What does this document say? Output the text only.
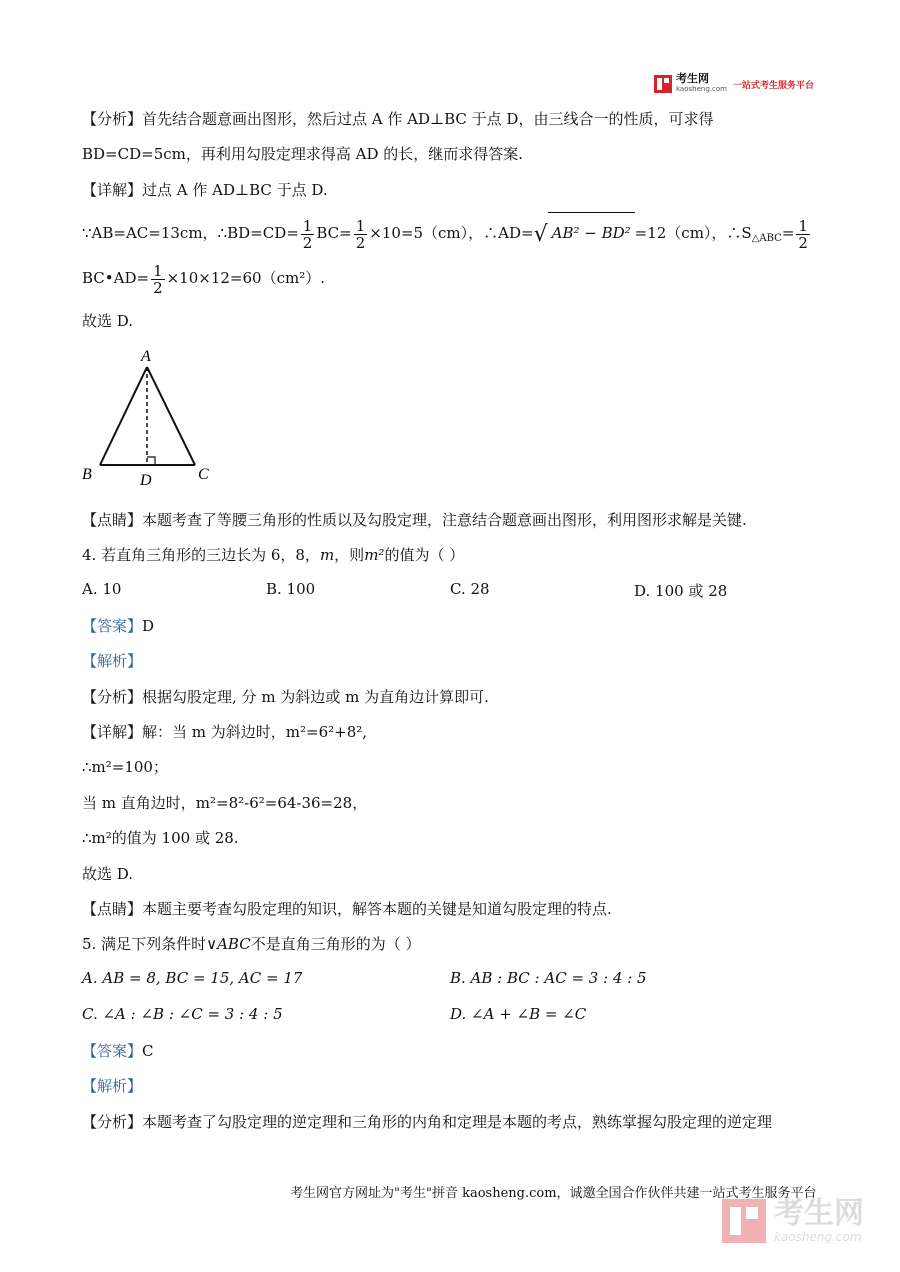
考生网
kaosheng.com 一站式考生服务平台
【分析】首先结合题意画出图形，然后过点 A 作 AD⊥BC 于点 D，由三线合一的性质，可求得
BD=CD=5cm，再利用勾股定理求得高 AD 的长，继而求得答案.
【详解】过点 A 作 AD⊥BC 于点 D.
∵AB=AC=13cm，∴BD=CD= $\frac{1}{2} BC= \frac{1}{2} \times 10=5(cm)$，∴AD=√ AB² − BD² =12（cm），$\therefore S_{\triangle ABC}= \frac{1}{2}$
BC•AD= $\frac{1}{2} \times 10\times 12=60(cm^2)$.
故选 D.
A
B	C
D
【点睛】本题考查了等腰三角形的性质以及勾股定理，注意结合题意画出图形，利用图形求解是关键.
4. 若直角三角形的三边长为 6，8，m，则m²的值为（ ）
A. 10	B. 100	C. 28	D. 100 或 28
【答案】D
【解析】
【分析】根据勾股定理, 分 m 为斜边或 m 为直角边计算即可.
【详解】解：当 m 为斜边时，m²=6²+8²,
∴m²=100；
当 m 直角边时，m²=8²-6²=64-36=28，
∴m²的值为 100 或 28.
故选 D.
【点睛】本题主要考查勾股定理的知识，解答本题的关键是知道勾股定理的特点.
5. 满足下列条件时∨ABC不是直角三角形的为（ ）
A. AB = 8, BC = 15, AC = 17	B. AB : BC : AC = 3 : 4 : 5
C. ∠A : ∠B : ∠C = 3 : 4 : 5	D. ∠A + ∠B = ∠C
【答案】C
【解析】
【分析】本题考查了勾股定理的逆定理和三角形的内角和定理是本题的考点，熟练掌握勾股定理的逆定理
考生网官方网址为"考生"拼音 kaosheng.com，诚邀全国合作伙伴共建一站式考生服务平台
考生网
kaosheng.com
